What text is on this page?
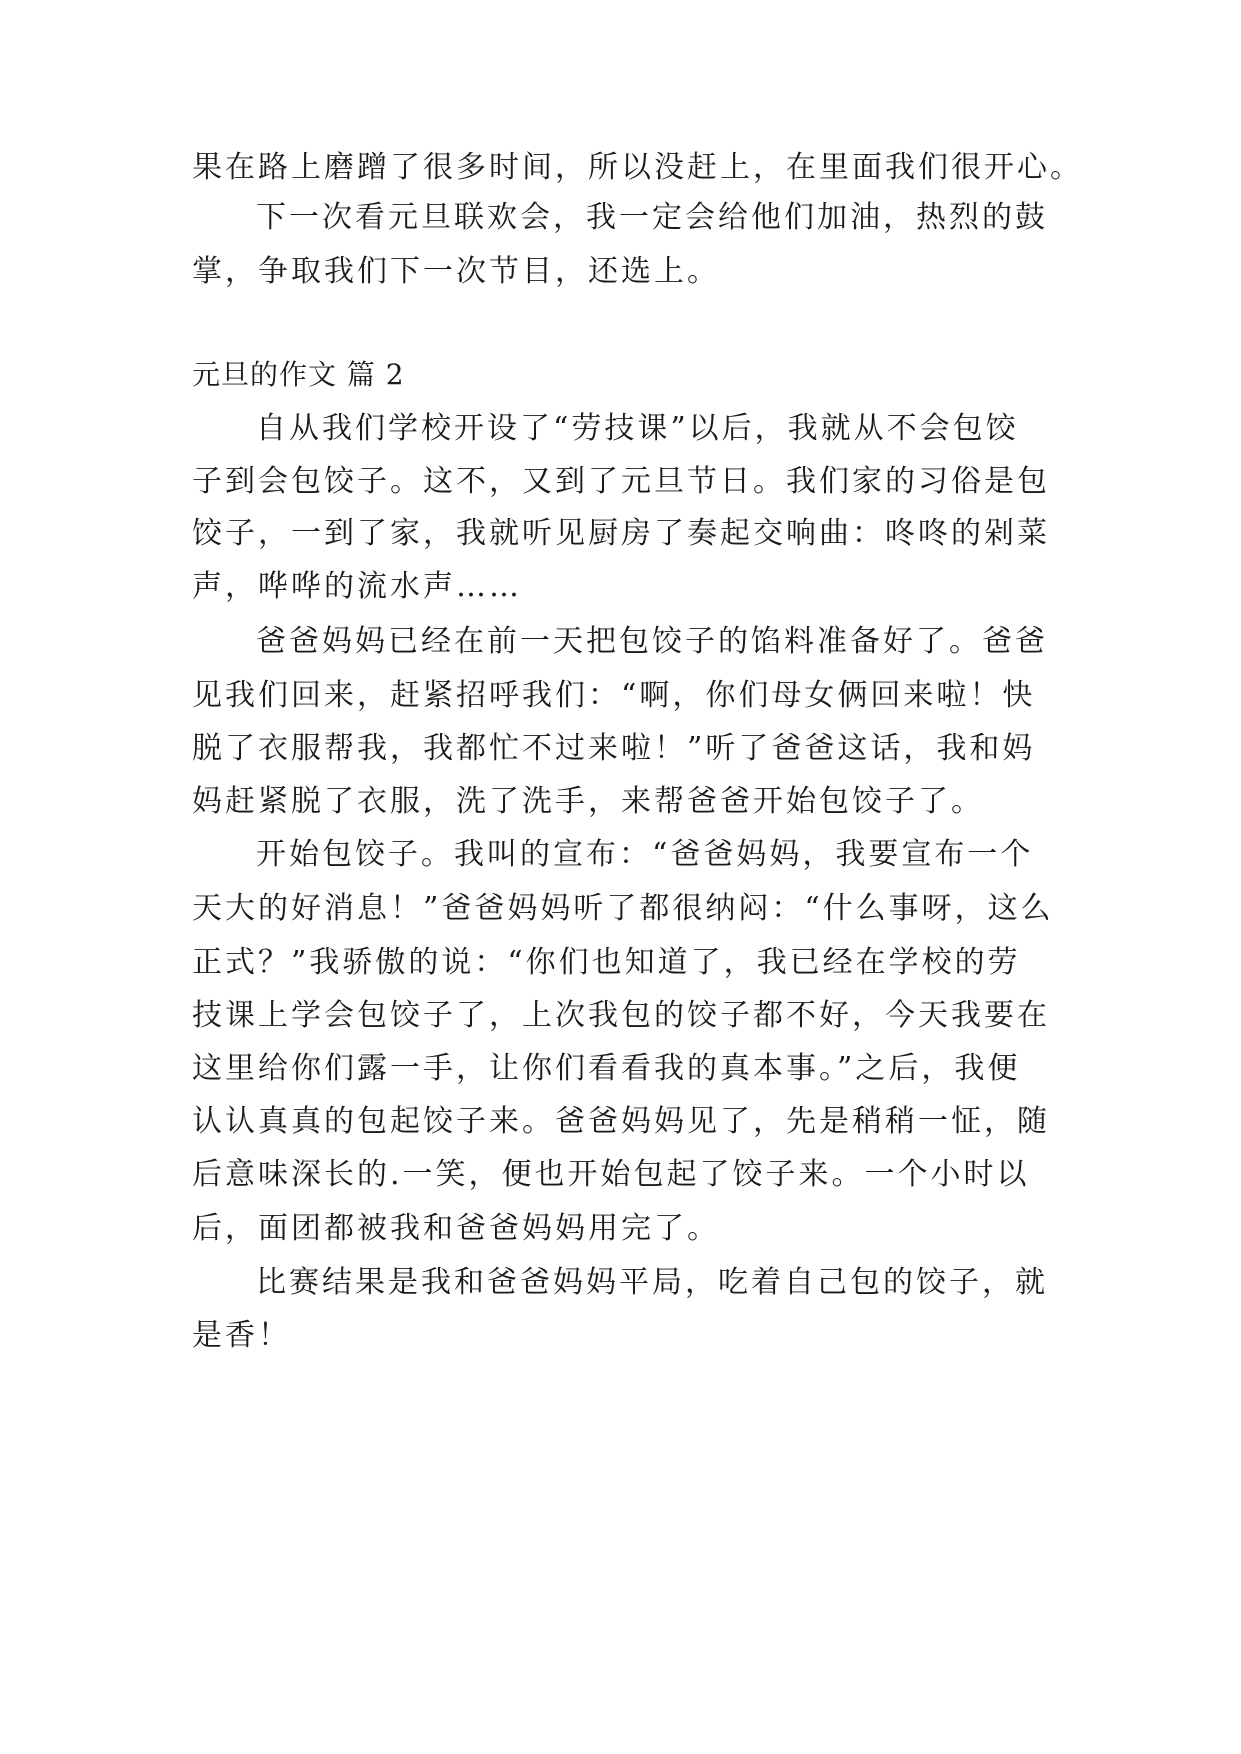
果在路上磨蹭了很多时间，所以没赶上，在里面我们很开心。
下一次看元旦联欢会，我一定会给他们加油，热烈的鼓
掌，争取我们下一次节目，还选上。
元旦的作文 篇 2
自从我们学校开设了“劳技课”以后，我就从不会包饺
子到会包饺子。这不，又到了元旦节日。我们家的习俗是包
饺子，一到了家，我就听见厨房了奏起交响曲：咚咚的剁菜
声，哗哗的流水声……
爸爸妈妈已经在前一天把包饺子的馅料准备好了。爸爸
见我们回来，赶紧招呼我们：“啊，你们母女俩回来啦！快
脱了衣服帮我，我都忙不过来啦！”听了爸爸这话，我和妈
妈赶紧脱了衣服，洗了洗手，来帮爸爸开始包饺子了。
开始包饺子。我叫的宣布：“爸爸妈妈，我要宣布一个
天大的好消息！”爸爸妈妈听了都很纳闷：“什么事呀，这么
正式？”我骄傲的说：“你们也知道了，我已经在学校的劳
技课上学会包饺子了，上次我包的饺子都不好，今天我要在
这里给你们露一手，让你们看看我的真本事。”之后，我便
认认真真的包起饺子来。爸爸妈妈见了，先是稍稍一怔，随
后意味深长的.一笑，便也开始包起了饺子来。一个小时以
后，面团都被我和爸爸妈妈用完了。
比赛结果是我和爸爸妈妈平局，吃着自己包的饺子，就
是香！
